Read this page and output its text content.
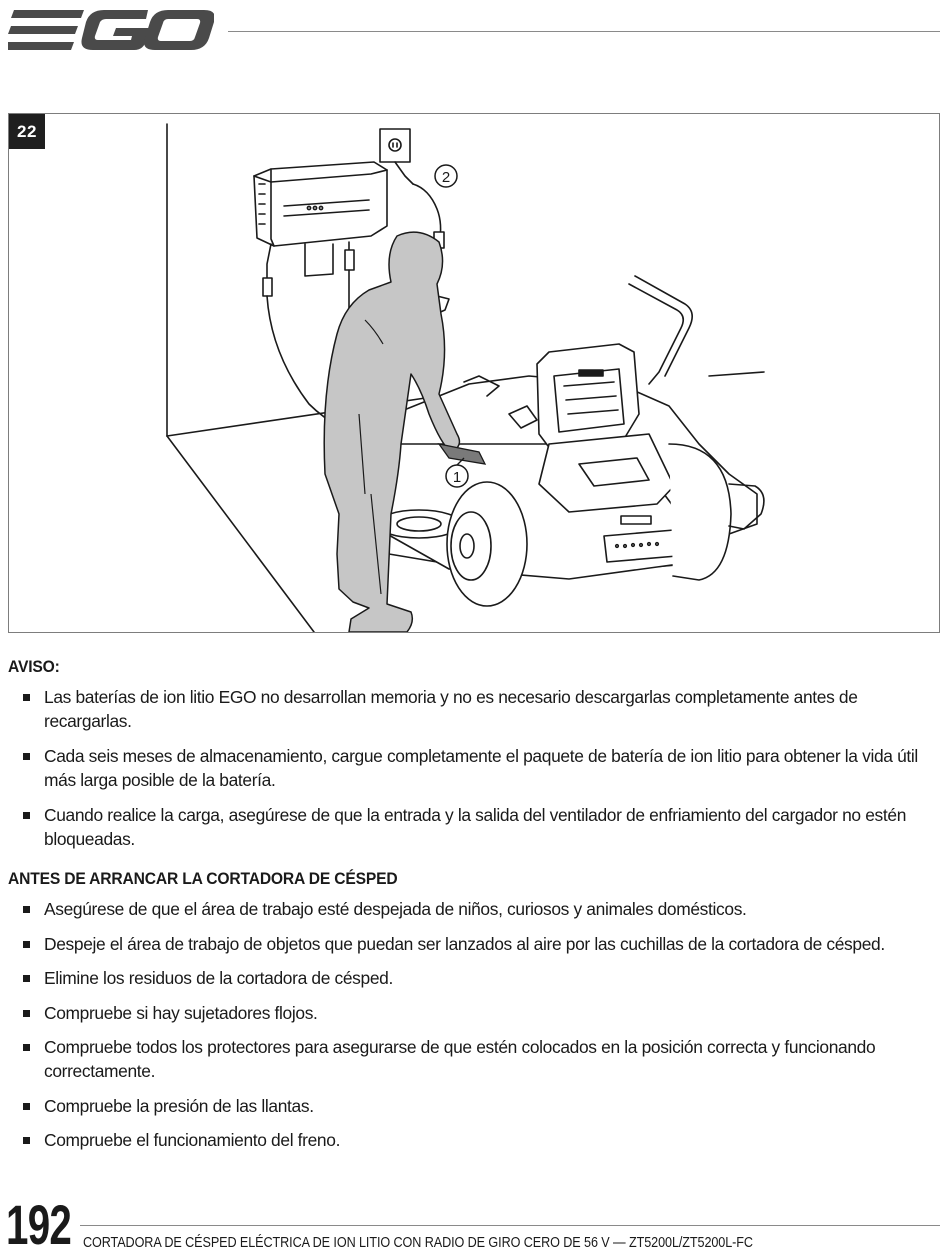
1
2
22
AVISO:
Las baterías de ion litio EGO no desarrollan memoria y no es necesario descargarlas completamente antes de recargarlas.
Cada seis meses de almacenamiento, cargue completamente el paquete de batería de ion litio para obtener la vida útil más larga posible de la batería.
Cuando realice la carga, asegúrese de que la entrada y la salida del ventilador de enfriamiento del cargador no estén bloqueadas.
ANTES DE ARRANCAR LA CORTADORA DE CÉSPED
Asegúrese de que el área de trabajo esté despejada de niños, curiosos y animales domésticos.
Despeje el área de trabajo de objetos que puedan ser lanzados al aire por las cuchillas de la cortadora de césped.
Elimine los residuos de la cortadora de césped.
Compruebe si hay sujetadores flojos.
Compruebe todos los protectores para asegurarse de que estén colocados en la posición correcta y funcionando correctamente.
Compruebe la presión de las llantas.
Compruebe el funcionamiento del freno.
192 CORTADORA DE CÉSPED ELÉCTRICA DE ION LITIO CON RADIO DE GIRO CERO DE 56 V — ZT5200L/ZT5200L-FC
